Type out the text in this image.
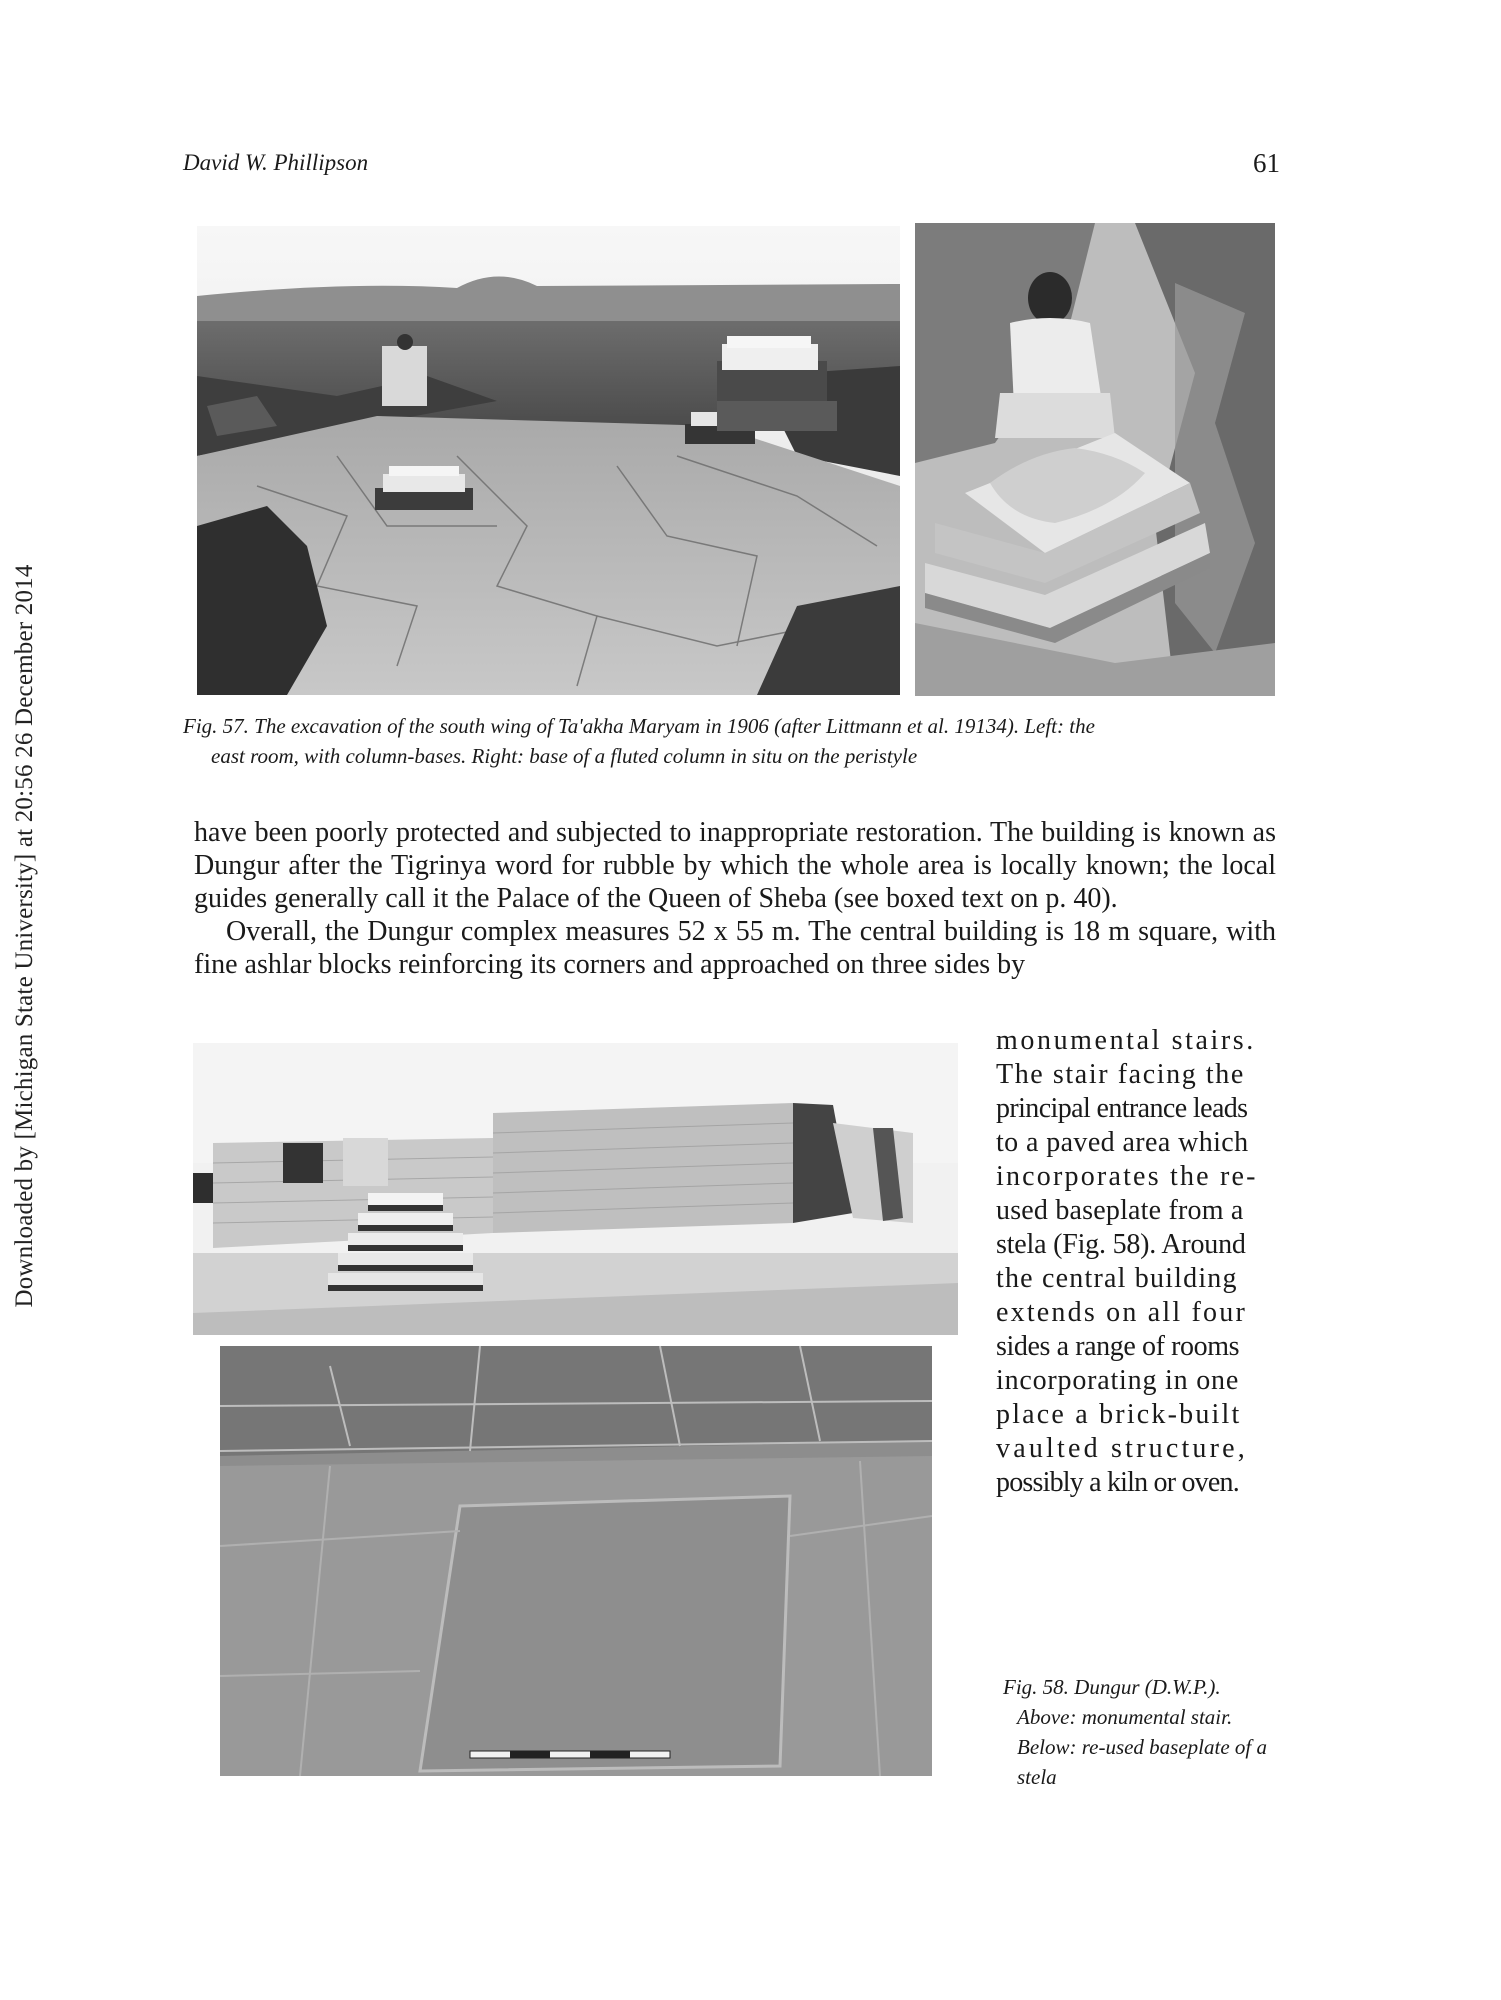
David W. Phillipson	61
Downloaded by [Michigan State University] at 20:56 26 December 2014	Fig. 57. The excavation of the south wing of Ta'akha Maryam in 1906 (after Littmann et al. 19134). Left: the
east room, with column-bases. Right: base of a fluted column in situ on the peristyle

have been poorly protected and subjected to inappropriate restoration. The building is known as Dungur after the Tigrinya word for rubble by which the whole area is locally known; the local guides generally call it the Palace of the Queen of Sheba (see boxed text on p. 40).

Overall, the Dungur complex measures 52 x 55 m. The central building is 18 m square, with fine ashlar blocks reinforcing its corners and approached on three sides by

monumental stairs.
The stair facing the
principal entrance leads
to a paved area which
incorporates the re-
used baseplate from a
stela (Fig. 58). Around
the central building
extends on all four
sides a range of rooms
incorporating in one
place a brick-built
vaulted structure,
possibly a kiln or oven.
Fig. 58. Dungur (D.W.P.).
Above: monumental stair.
Below: re-used baseplate of a
stela
